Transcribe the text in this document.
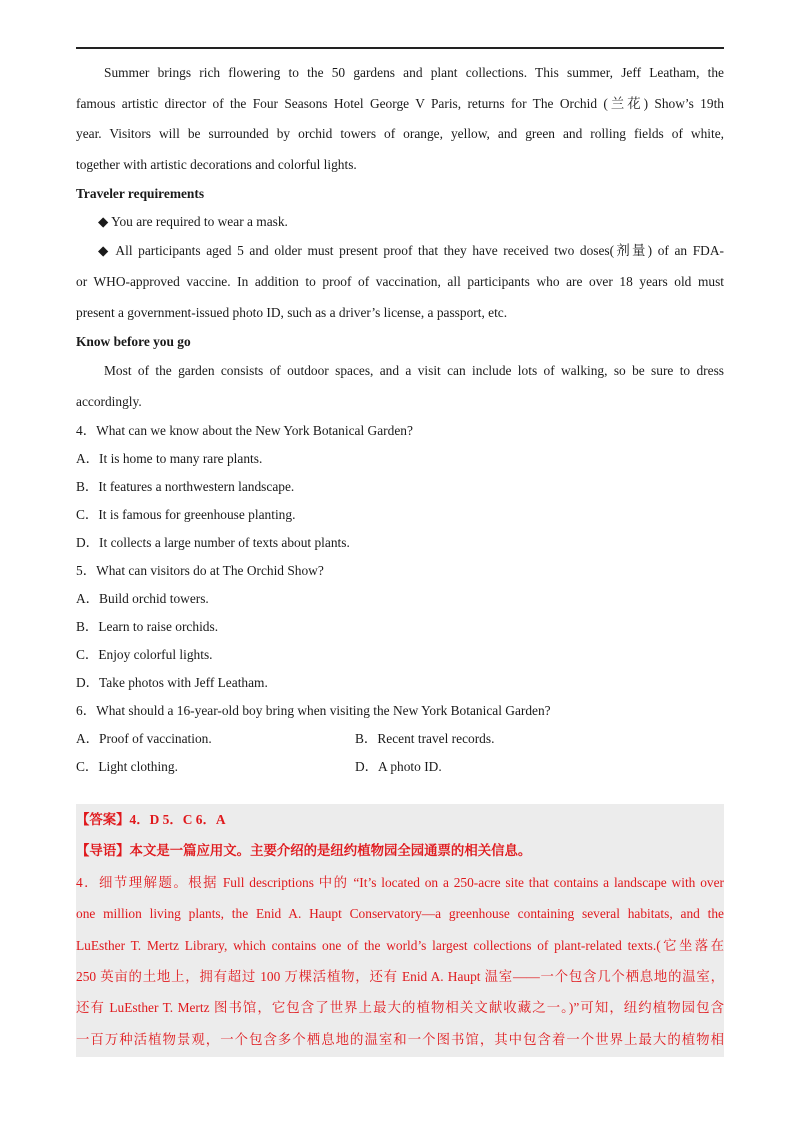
Summer brings rich flowering to the 50 gardens and plant collections. This summer, Jeff Leatham, the
famous artistic director of the Four Seasons Hotel George V Paris, returns for The Orchid (兰花) Show’s 19th
year. Visitors will be surrounded by orchid towers of orange, yellow, and green and rolling fields of white,
together with artistic decorations and colorful lights.
Traveler requirements
◆ You are required to wear a mask.
◆ All participants aged 5 and older must present proof that they have received two doses(剂量) of an FDA-
or WHO-approved vaccine. In addition to proof of vaccination, all participants who are over 18 years old must
present a government-issued photo ID, such as a driver’s license, a passport, etc.
Know before you go
Most of the garden consists of outdoor spaces, and a visit can include lots of walking, so be sure to dress
accordingly.
4．What can we know about the New York Botanical Garden?
A．It is home to many rare plants.
B．It features a northwestern landscape.
C．It is famous for greenhouse planting.
D．It collects a large number of texts about plants.
5．What can visitors do at The Orchid Show?
A．Build orchid towers.
B．Learn to raise orchids.
C．Enjoy colorful lights.
D．Take photos with Jeff Leatham.
6．What should a 16-year-old boy bring when visiting the New York Botanical Garden?
A．Proof of vaccination.	B．Recent travel records.
C．Light clothing.	D．A photo ID.
【答案】4．D 5．C 6．A
【导语】本文是一篇应用文。主要介绍的是纽约植物园全园通票的相关信息。
4．细节理解题。根据 Full descriptions 中的 “It’s located on a 250-acre site that contains a landscape with over
one million living plants, the Enid A. Haupt Conservatory—a greenhouse containing several habitats, and the
LuEsther T. Mertz Library, which contains one of the world’s largest collections of plant-related texts.(它坐落在
250 英亩的土地上，拥有超过 100 万棵活植物，还有 Enid A. Haupt 温室——一个包含几个栖息地的温室，
还有 LuEsther T. Mertz 图书馆，它包含了世界上最大的植物相关文献收藏之一。)”可知，纽约植物园包含
一百万种活植物景观，一个包含多个栖息地的温室和一个图书馆，其中包含着一个世界上最大的植物相
